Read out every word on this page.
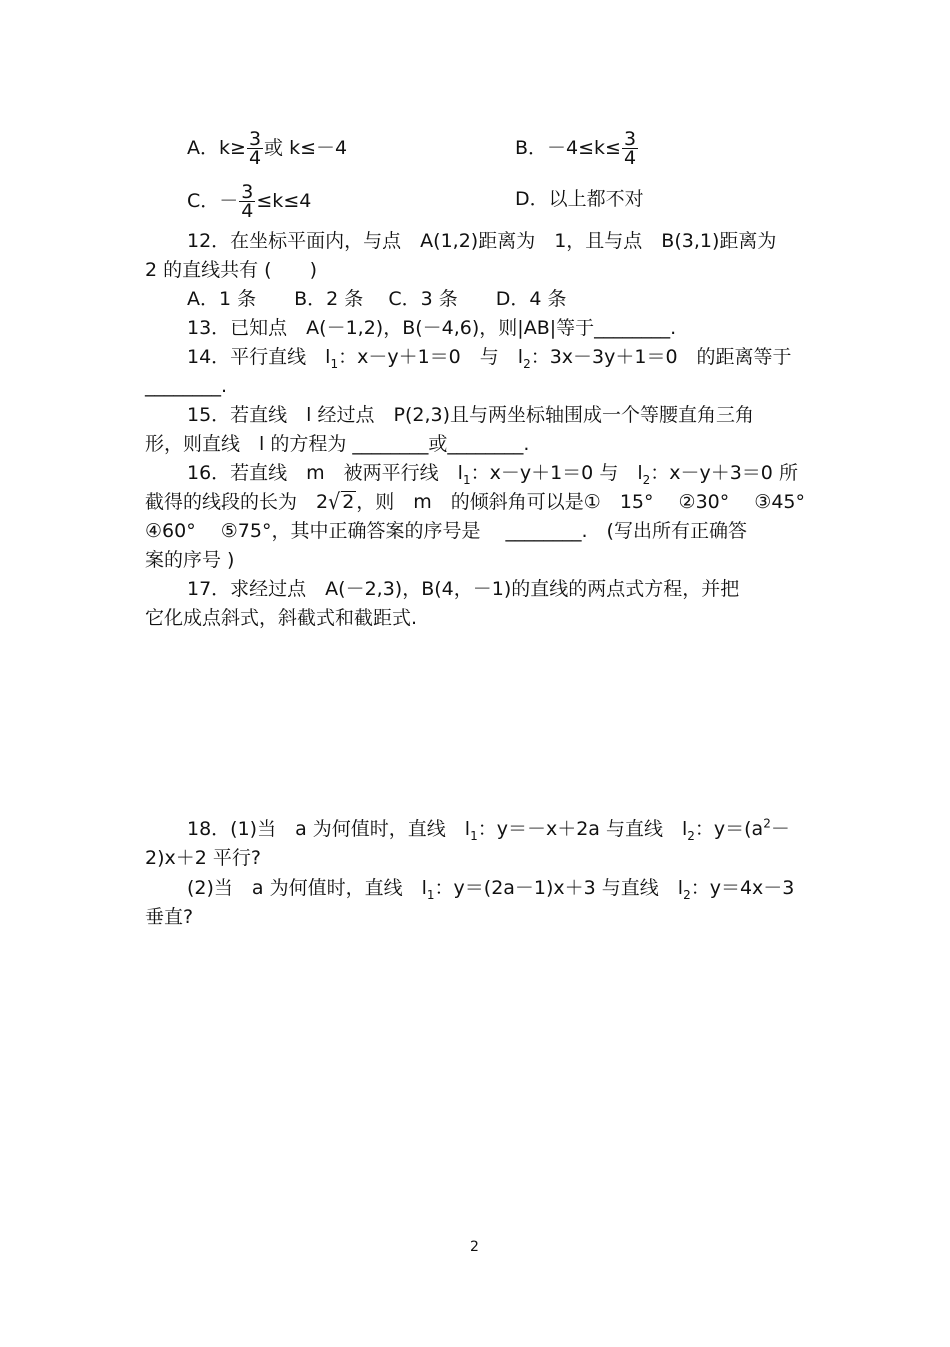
A．$k\ge \frac{3}{4}$ 或 k≤－4	B．$-4\le k\le \frac{3}{4}$
C．－ $\frac{3}{4} \le k\le 4$	D．以上都不对
12．在坐标平面内，与点　A(1,2)距离为　1，且与点　B(3,1)距离为
2 的直线共有 (　　)
A．1 条　　B．2 条　 C．3 条　　D．4 条
13．已知点　A(－1,2)，B(－4,6)，则|AB|等于________.
14．平行直线　$l_1$：x－y＋1＝0　与　$l_2$：3x－3y＋1＝0　的距离等于
________.
15．若直线　l 经过点　P(2,3)且与两坐标轴围成一个等腰直角三角
形，则直线　l 的方程为 ________或________.
16．若直线　m　被两平行线　$l_1$：x－y＋1＝0 与　$l_2$：x－y＋3＝0 所
截得的线段的长为　2√ 2 ，则　m　的倾斜角可以是①　15°　 ②30°　 ③45°
④60°　 ⑤75°，其中正确答案的序号是　 ________.　(写出所有正确答
案的序号 )
17．求经过点　A(－2,3)，B(4，－1)的直线的两点式方程，并把
它化成点斜式，斜截式和截距式.
18．(1)当　a 为何值时，直线　$l_1$：y＝－x＋2a 与直线　$l_2$：$y=(a^2-$
2)x＋2 平行?
(2)当　a 为何值时，直线　$l_1$：y＝(2a－1)x＋3 与直线　$l_2$：y＝4x－3
垂直?
2
